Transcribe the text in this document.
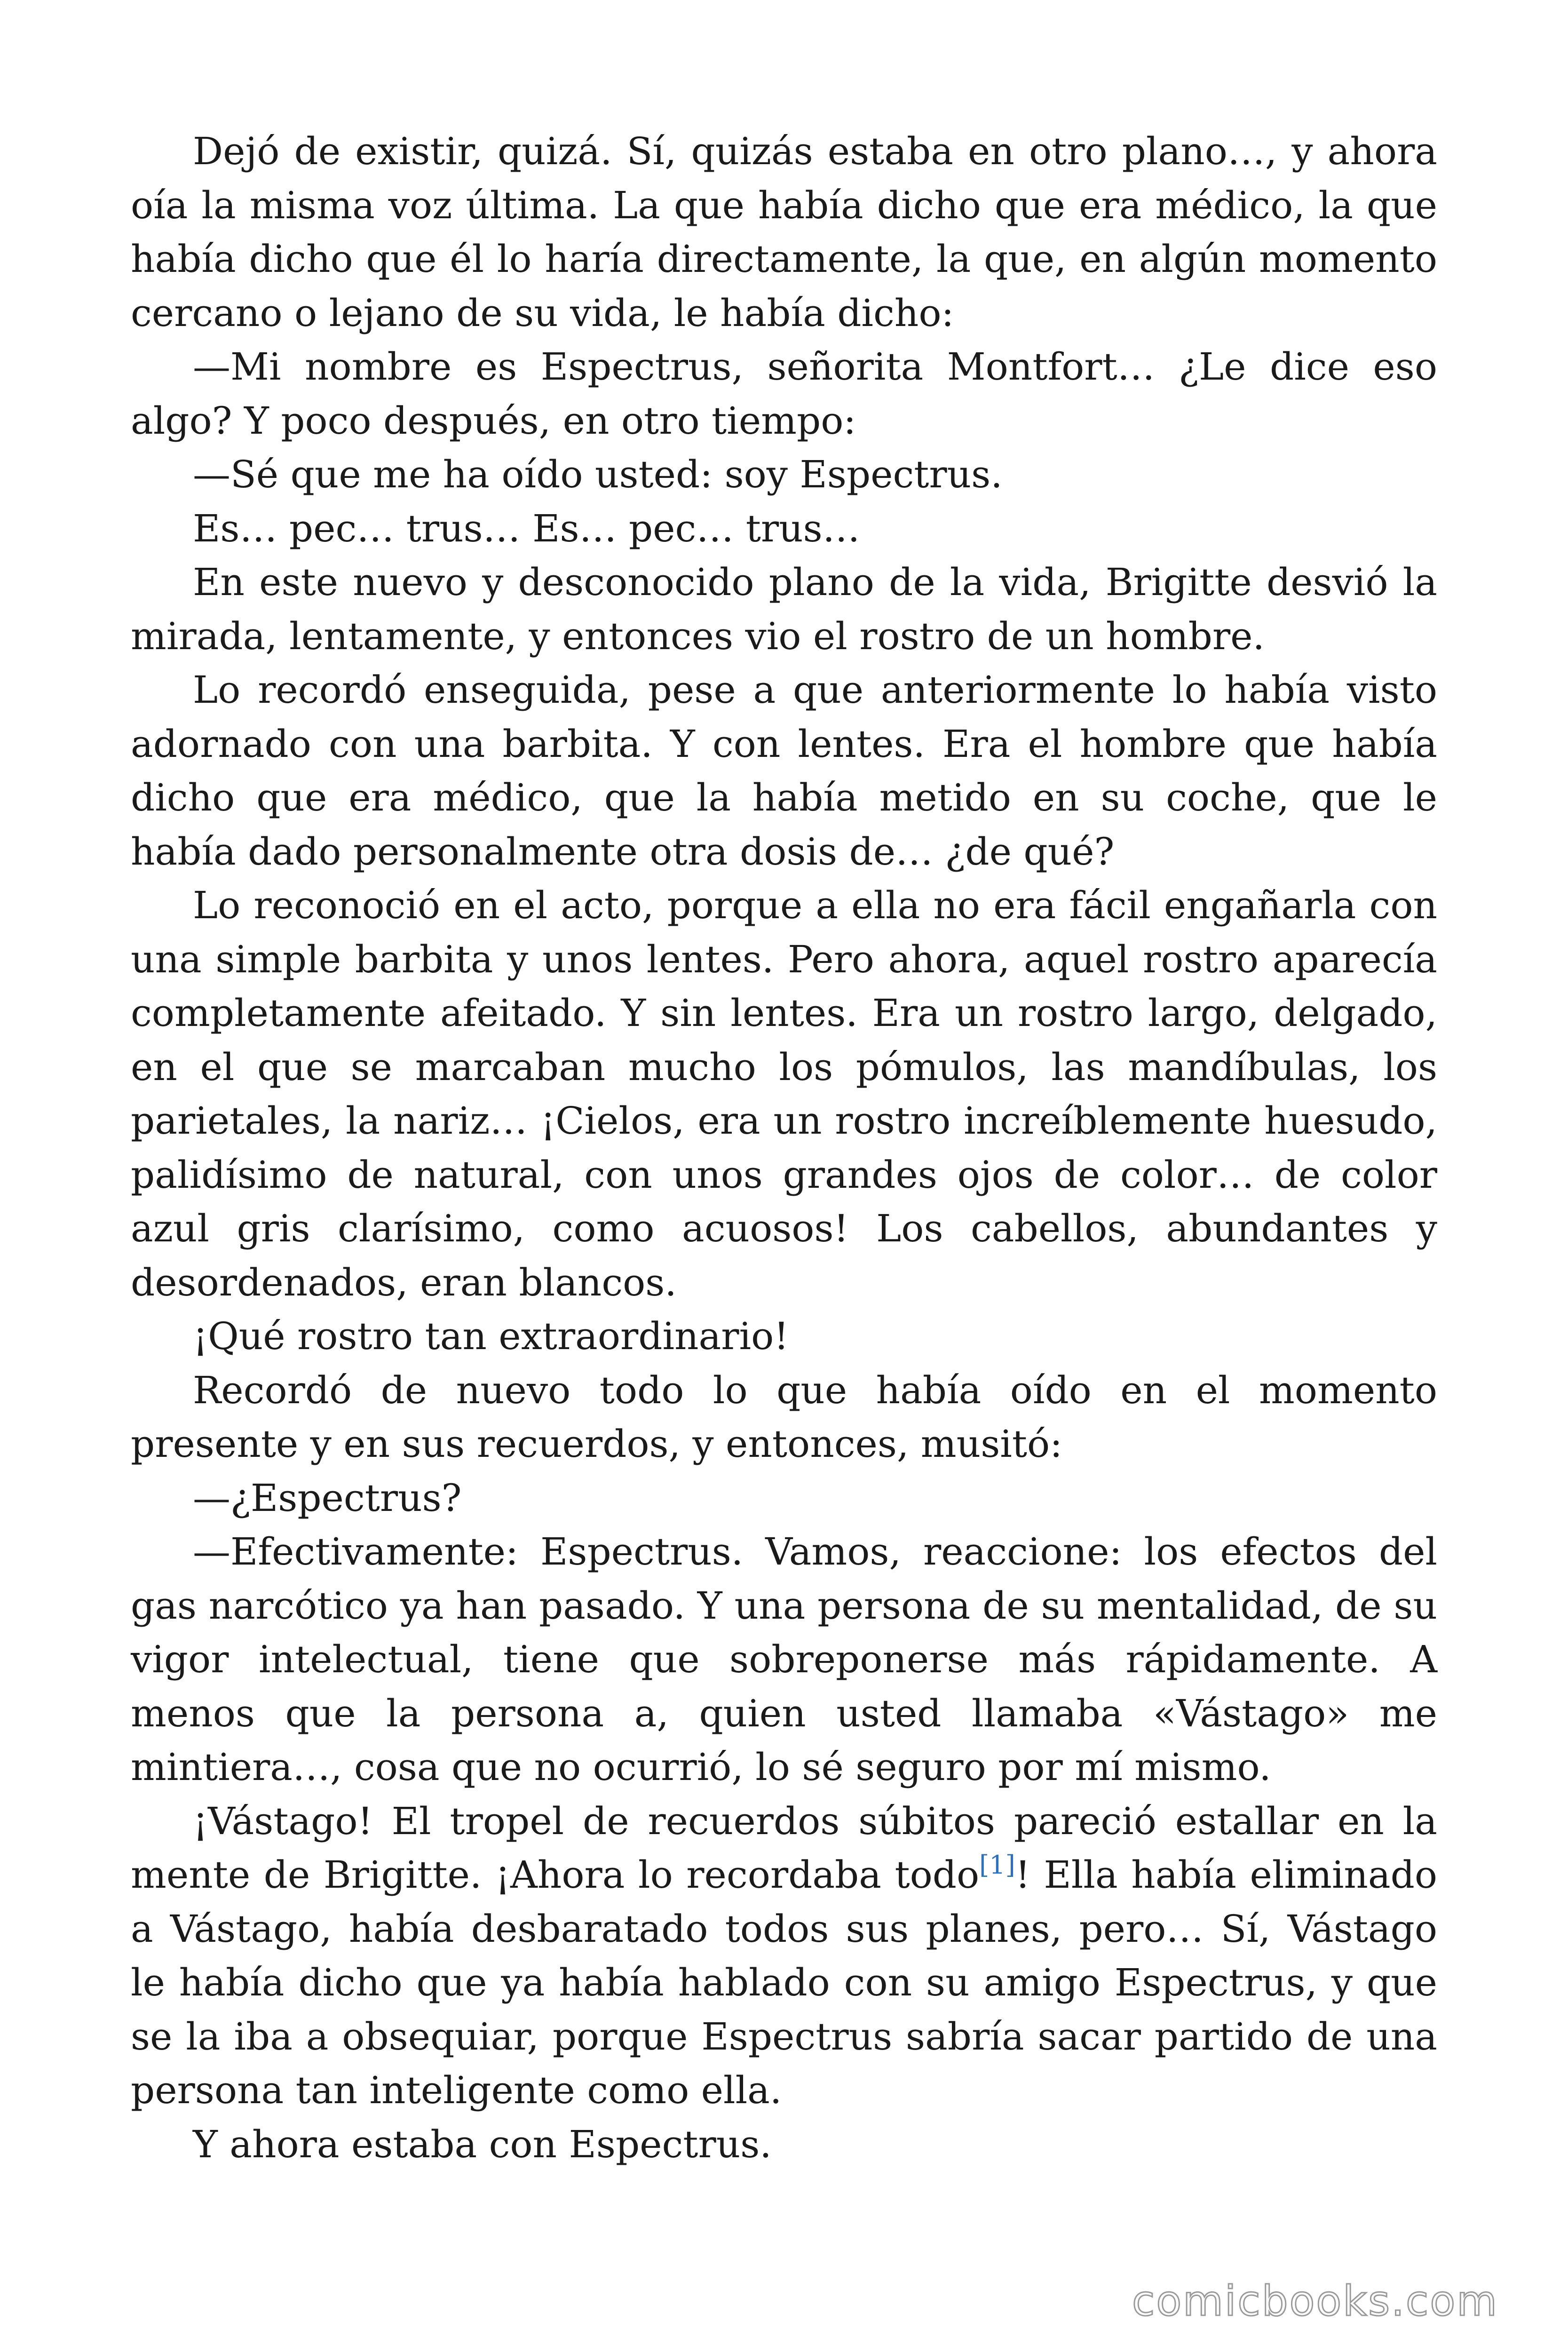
Dejó de existir, quizá. Sí, quizás estaba en otro plano…, y ahora oía la misma voz última. La que había dicho que era médico, la que había dicho que él lo haría directamente, la que, en algún momento cercano o lejano de su vida, le había dicho:

—Mi nombre es Espectrus, señorita Montfort… ¿Le dice eso algo? Y poco después, en otro tiempo:

—Sé que me ha oído usted: soy Espectrus.

Es… pec… trus… Es… pec… trus…

En este nuevo y desconocido plano de la vida, Brigitte desvió la mirada, lentamente, y entonces vio el rostro de un hombre.

Lo recordó enseguida, pese a que anteriormente lo había visto adornado con una barbita. Y con lentes. Era el hombre que había dicho que era médico, que la había metido en su coche, que le había dado personalmente otra dosis de… ¿de qué?

Lo reconoció en el acto, porque a ella no era fácil engañarla con una simple barbita y unos lentes. Pero ahora, aquel rostro aparecía completamente afeitado. Y sin lentes. Era un rostro largo, delgado, en el que se marcaban mucho los pómulos, las mandíbulas, los parietales, la nariz… ¡Cielos, era un rostro increíblemente huesudo, palidísimo de natural, con unos grandes ojos de color… de color azul gris clarísimo, como acuosos! Los cabellos, abundantes y desordenados, eran blancos.

¡Qué rostro tan extraordinario!

Recordó de nuevo todo lo que había oído en el momento presente y en sus recuerdos, y entonces, musitó:

—¿Espectrus?

—Efectivamente: Espectrus. Vamos, reaccione: los efectos del gas narcótico ya han pasado. Y una persona de su mentalidad, de su vigor intelectual, tiene que sobreponerse más rápidamente. A menos que la persona a, quien usted llamaba «Vástago» me mintiera…, cosa que no ocurrió, lo sé seguro por mí mismo.

¡Vástago! El tropel de recuerdos súbitos pareció estallar en la mente de Brigitte. ¡Ahora lo recordaba todo[1]! Ella había eliminado a Vástago, había desbaratado todos sus planes, pero… Sí, Vástago le había dicho que ya había hablado con su amigo Espectrus, y que se la iba a obsequiar, porque Espectrus sabría sacar partido de una persona tan inteligente como ella.

Y ahora estaba con Espectrus.

comicbooks.com
